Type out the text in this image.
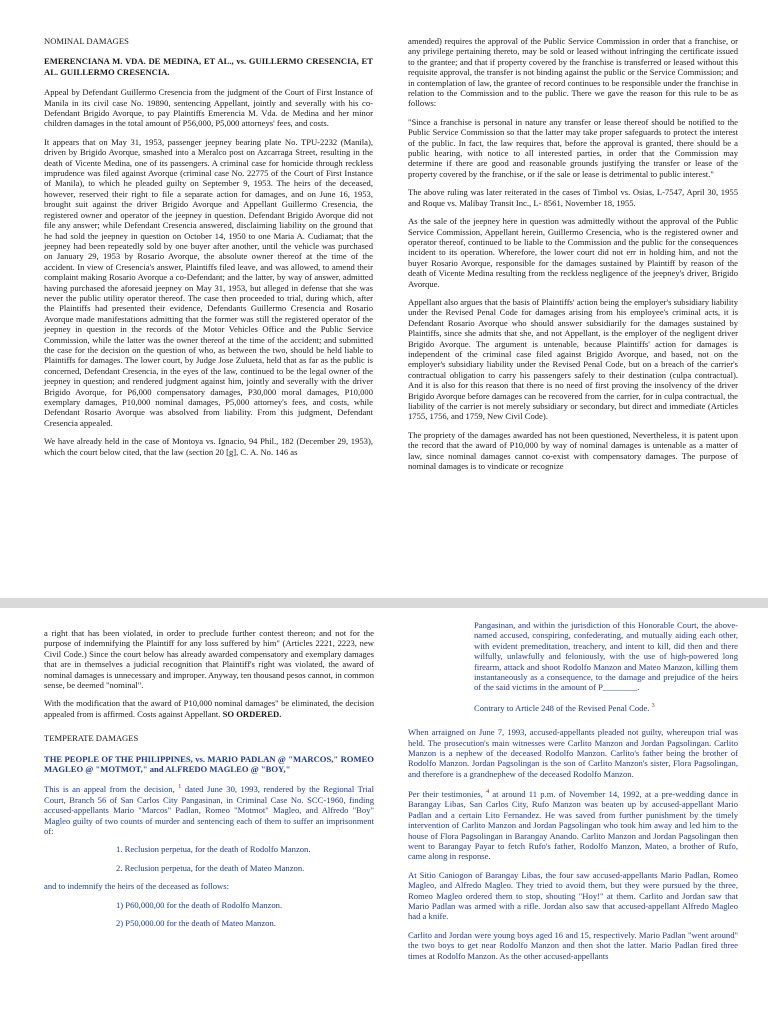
NOMINAL DAMAGES

EMERENCIANA M. VDA. DE MEDINA, ET AL., vs. GUILLERMO CRESENCIA, ET AL. GUILLERMO CRESENCIA.

Appeal by Defendant Guillermo Cresencia from the judgment of the Court of First Instance of Manila in its civil case No. 19890, sentencing Appellant, jointly and severally with his co-Defendant Brigido Avorque, to pay Plaintiffs Emerencia M. Vda. de Medina and her minor children damages in the total amount of P56,000, P5,000 attorneys' fees, and costs.

It appears that on May 31, 1953, passenger jeepney bearing plate No. TPU-2232 (Manila), driven by Brigido Avorque, smashed into a Meralco post on Azcarraga Street, resulting in the death of Vicente Medina, one of its passengers. A criminal case for homicide through reckless imprudence was filed against Avorque (criminal case No. 22775 of the Court of First Instance of Manila), to which he pleaded guilty on September 9, 1953. The heirs of the deceased, however, reserved their right to file a separate action for damages, and on June 16, 1953, brought suit against the driver Brigido Avorque and Appellant Guillermo Cresencia, the registered owner and operator of the jeepney in question. Defendant Brigido Avorque did not file any answer; while Defendant Cresencia answered, disclaiming liability on the ground that he had sold the jeepney in question on October 14, 1950 to one Maria A. Cudiamat; that the jeepney had been repeatedly sold by one buyer after another, until the vehicle was purchased on January 29, 1953 by Rosario Avorque, the absolute owner thereof at the time of the accident. In view of Cresencia's answer, Plaintiffs filed leave, and was allowed, to amend their complaint making Rosario Avorque a co-Defendant; and the latter, by way of answer, admitted having purchased the aforesaid jeepney on May 31, 1953, but alleged in defense that she was never the public utility operator thereof. The case then proceeded to trial, during which, after the Plaintiffs had presented their evidence, Defendants Guillermo Cresencia and Rosario Avorque made manifestations admitting that the former was still the registered operator of the jeepney in question in the records of the Motor Vehicles Office and the Public Service Commission, while the latter was the owner thereof at the time of the accident; and submitted the case for the decision on the question of who, as between the two, should be held liable to Plaintiffs for damages. The lower court, by Judge Jose Zulueta, held that as far as the public is concerned, Defendant Cresencia, in the eyes of the law, continued to be the legal owner of the jeepney in question; and rendered judgment against him, jointly and severally with the driver Brigido Avorque, for P6,000 compensatory damages, P30,000 moral damages, P10,000 exemplary damages, P10,000 nominal damages, P5,000 attorney's fees, and costs, while Defendant Rosario Avorque was absolved from liability. From this judgment, Defendant Cresencia appealed.

We have already held in the case of Montoya vs. Ignacio, 94 Phil., 182 (December 29, 1953), which the court below cited, that the law (section 20 [g], C. A. No. 146 as

amended) requires the approval of the Public Service Commission in order that a franchise, or any privilege pertaining thereto, may be sold or leased without infringing the certificate issued to the grantee; and that if property covered by the franchise is transferred or leased without this requisite approval, the transfer is not binding against the public or the Service Commission; and in contemplation of law, the grantee of record continues to be responsible under the franchise in relation to the Commission and to the public. There we gave the reason for this rule to be as follows:

"Since a franchise is personal in nature any transfer or lease thereof should be notified to the Public Service Commission so that the latter may take proper safeguards to protect the interest of the public. In fact, the law requires that, before the approval is granted, there should be a public hearing, with notice to all interested parties, in order that the Commission may determine if there are good and reasonable grounds justifying the transfer or lease of the property covered by the franchise, or if the sale or lease is detrimental to public interest."

The above ruling was later reiterated in the cases of Timbol vs. Osias, L-7547, April 30, 1955 and Roque vs. Malibay Transit Inc., L- 8561, November 18, 1955.

As the sale of the jeepney here in question was admittedly without the approval of the Public Service Commission, Appellant herein, Guillermo Cresencia, who is the registered owner and operator thereof, continued to be liable to the Commission and the public for the consequences incident to its operation. Wherefore, the lower court did not err in holding him, and not the buyer Rosario Avorque, responsible for the damages sustained by Plaintiff by reason of the death of Vicente Medina resulting from the reckless negligence of the jeepney's driver, Brigido Avorque.

Appellant also argues that the basis of Plaintiffs' action being the employer's subsidiary liability under the Revised Penal Code for damages arising from his employee's criminal acts, it is Defendant Rosario Avorque who should answer subsidiarily for the damages sustained by Plaintiffs, since she admits that she, and not Appellant, is the employer of the negligent driver Brigido Avorque. The argument is untenable, because Plaintiffs' action for damages is independent of the criminal case filed against Brigido Avorque, and based, not on the employer's subsidiary liability under the Revised Penal Code, but on a breach of the carrier's contractual obligation to carry his passengers safely to their destination (culpa contractual). And it is also for this reason that there is no need of first proving the insolvency of the driver Brigido Avorque before damages can be recovered from the carrier, for in culpa contractual, the liability of the carrier is not merely subsidiary or secondary, but direct and immediate (Articles 1755, 1756, and 1759, New Civil Code).

The propriety of the damages awarded has not been questioned, Nevertheless, it is patent upon the record that the award of P10,000 by way of nominal damages is untenable as a matter of law, since nominal damages cannot co-exist with compensatory damages. The purpose of nominal damages is to vindicate or recognize

a right that has been violated, in order to preclude further contest thereon; and not for the purpose of indemnifying the Plaintiff for any loss suffered by him" (Articles 2221, 2223, new Civil Code.) Since the court below has already awarded compensatory and exemplary damages that are in themselves a judicial recognition that Plaintiff's right was violated, the award of nominal damages is unnecessary and improper. Anyway, ten thousand pesos cannot, in common sense, be deemed "nominal".

With the modification that the award of P10,000 nominal damages" be eliminated, the decision appealed from is affirmed. Costs against Appellant. SO ORDERED.

TEMPERATE DAMAGES

THE PEOPLE OF THE PHILIPPINES, vs. MARIO PADLAN @ "MARCOS," ROMEO MAGLEO @ "MOTMOT," and ALFREDO MAGLEO @ "BOY,"

This is an appeal from the decision, $^1$ dated June 30, 1993, rendered by the Regional Trial Court, Branch 56 of San Carlos City Pangasinan, in Criminal Case No. SCC-1960, finding accused-appellants Mario "Marcos" Padlan, Romeo "Motmot" Magleo, and Alfredo "Boy" Magleo guilty of two counts of murder and sentencing each of them to suffer an imprisonment of:

1. Reclusion perpetua, for the death of Rodolfo Manzon.

2. Reclusion perpetua, for the death of Mateo Manzon.

and to indemnify the heirs of the deceased as follows:

1) P60,000,00 for the death of Rodolfo Manzon.

2) P50,000.00 for the death of Mateo Manzon.

Pangasinan, and within the jurisdiction of this Honorable Court, the above-named accused, conspiring, confederating, and mutually aiding each other, with evident premeditation, treachery, and intent to kill, did then and there wilfully, unlawfully and feloniously, with the use of high-powered long firearm, attack and shoot Rodolfo Manzon and Mateo Manzon, killing them instantaneously as a consequence, to the damage and prejudice of the heirs of the said victims in the amount of P________.

Contrary to Article 248 of the Revised Penal Code. $^3$

When arraigned on June 7, 1993, accused-appellants pleaded not guilty, whereupon trial was held. The prosecution's main witnesses were Carlito Manzon and Jordan Pagsolingan. Carlito Manzon is a nephew of the deceased Rodolfo Manzon. Carlito's father being the brother of Rodolfo Manzon. Jordan Pagsolingan is the son of Carlito Manzon's sister, Flora Pagsolingan, and therefore is a grandnephew of the deceased Rodolfo Manzon.

Per their testimonies, $^4$ at around 11 p.m. of November 14, 1992, at a pre-wedding dance in Barangay Libas, San Carlos City, Rufo Manzon was beaten up by accused-appellant Mario Padlan and a certain Lito Fernandez. He was saved from further punishment by the timely intervention of Carlito Manzon and Jordan Pagsolingan who took him away and led him to the house of Flora Pagsolingan in Barangay Anando. Carlito Manzon and Jordan Pagsolingan then went to Barangay Payar to fetch Rufo's father, Rodolfo Manzon, Mateo, a brother of Rufo, came along in response.

At Sitio Caniogon of Barangay Libas, the four saw accused-appellants Mario Padlan, Romeo Magleo, and Alfredo Magleo. They tried to avoid them, but they were pursued by the three, Romeo Magleo ordered them to stop, shouting "Hoy!" at them. Carlito and Jordan saw that Mario Padlan was armed with a rifle. Jordan also saw that accused-appellant Alfredo Magleo had a knife.

Carlito and Jordan were young boys aged 16 and 15, respectively. Mario Padlan "went around" the two boys to get near Rodolfo Manzon and then shot the latter. Mario Padlan fired three times at Rodolfo Manzon. As the other accused-appellants
